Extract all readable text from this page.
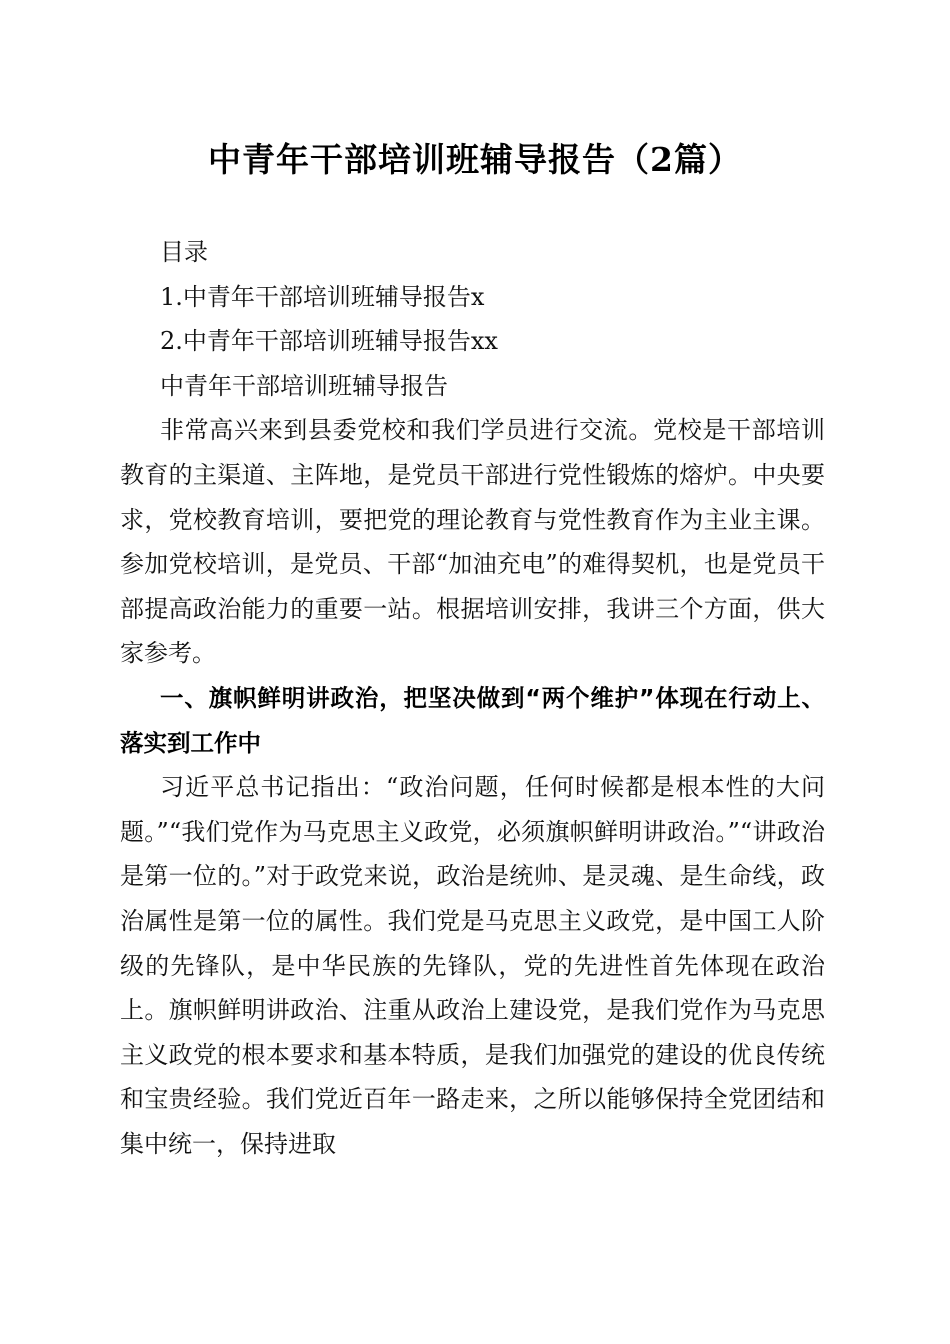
中青年干部培训班辅导报告（2篇）

目录

1.中青年干部培训班辅导报告x

2.中青年干部培训班辅导报告xx

中青年干部培训班辅导报告

非常高兴来到县委党校和我们学员进行交流。党校是干部培训教育的主渠道、主阵地，是党员干部进行党性锻炼的熔炉。中央要求，党校教育培训，要把党的理论教育与党性教育作为主业主课。参加党校培训，是党员、干部“加油充电”的难得契机，也是党员干部提高政治能力的重要一站。根据培训安排，我讲三个方面，供大家参考。

一、旗帜鲜明讲政治，把坚决做到“两个维护”体现在行动上、落实到工作中

习近平总书记指出：“政治问题，任何时候都是根本性的大问题。”“我们党作为马克思主义政党，必须旗帜鲜明讲政治。”“讲政治是第一位的。”对于政党来说，政治是统帅、是灵魂、是生命线，政治属性是第一位的属性。我们党是马克思主义政党，是中国工人阶级的先锋队，是中华民族的先锋队，党的先进性首先体现在政治上。旗帜鲜明讲政治、注重从政治上建设党，是我们党作为马克思主义政党的根本要求和基本特质，是我们加强党的建设的优良传统和宝贵经验。我们党近百年一路走来，之所以能够保持全党团结和集中统一，保持进取
